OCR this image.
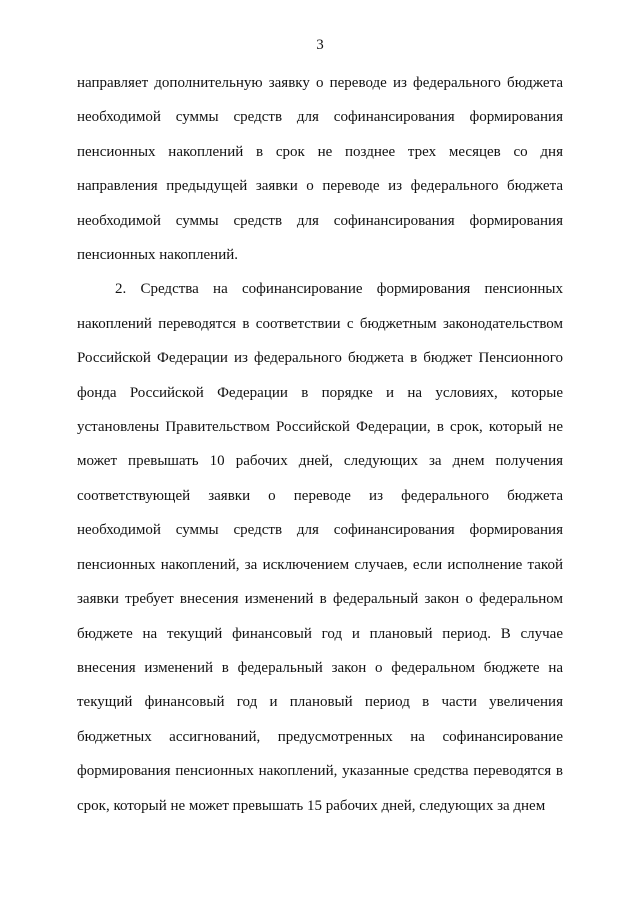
3

направляет дополнительную заявку о переводе из федерального бюджета необходимой суммы средств для софинансирования формирования пенсионных накоплений в срок не позднее трех месяцев со дня направления предыдущей заявки о переводе из федерального бюджета необходимой суммы средств для софинансирования формирования пенсионных накоплений.

2. Средства на софинансирование формирования пенсионных накоплений переводятся в соответствии с бюджетным законодательством Российской Федерации из федерального бюджета в бюджет Пенсионного фонда Российской Федерации в порядке и на условиях, которые установлены Правительством Российской Федерации, в срок, который не может превышать 10 рабочих дней, следующих за днем получения соответствующей заявки о переводе из федерального бюджета необходимой суммы средств для софинансирования формирования пенсионных накоплений, за исключением случаев, если исполнение такой заявки требует внесения изменений в федеральный закон о федеральном бюджете на текущий финансовый год и плановый период. В случае внесения изменений в федеральный закон о федеральном бюджете на текущий финансовый год и плановый период в части увеличения бюджетных ассигнований, предусмотренных на софинансирование формирования пенсионных накоплений, указанные средства переводятся в срок, который не может превышать 15 рабочих дней, следующих за днем
